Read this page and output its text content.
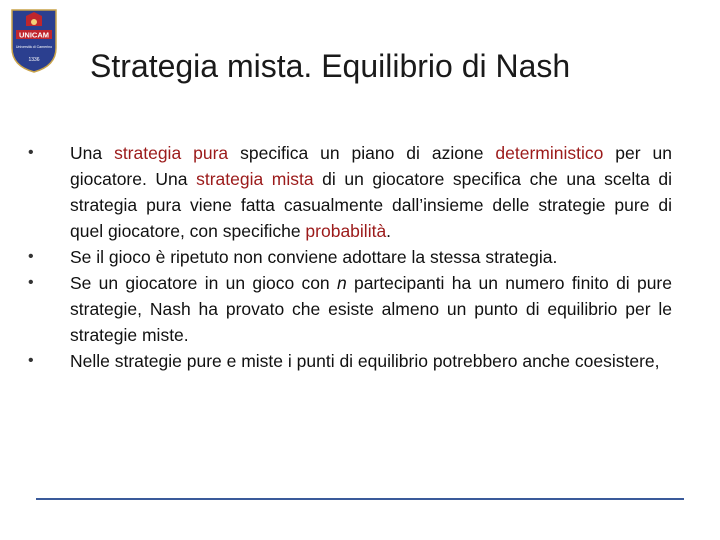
UNICAM
Università di Camerino
1336 Strategia mista. Equilibrio di Nash
• Una strategia pura specifica un piano di azione deterministico per un giocatore. Una strategia mista di un giocatore specifica che una scelta di strategia pura viene fatta casualmente dall’insieme delle strategie pure di quel giocatore, con specifiche probabilità.
• Se il gioco è ripetuto non conviene adottare la stessa strategia.
• Se un giocatore in un gioco con n partecipanti ha un numero finito di pure strategie, Nash ha provato che esiste almeno un punto di equilibrio per le strategie miste.
• Nelle strategie pure e miste i punti di equilibrio potrebbero anche coesistere,
